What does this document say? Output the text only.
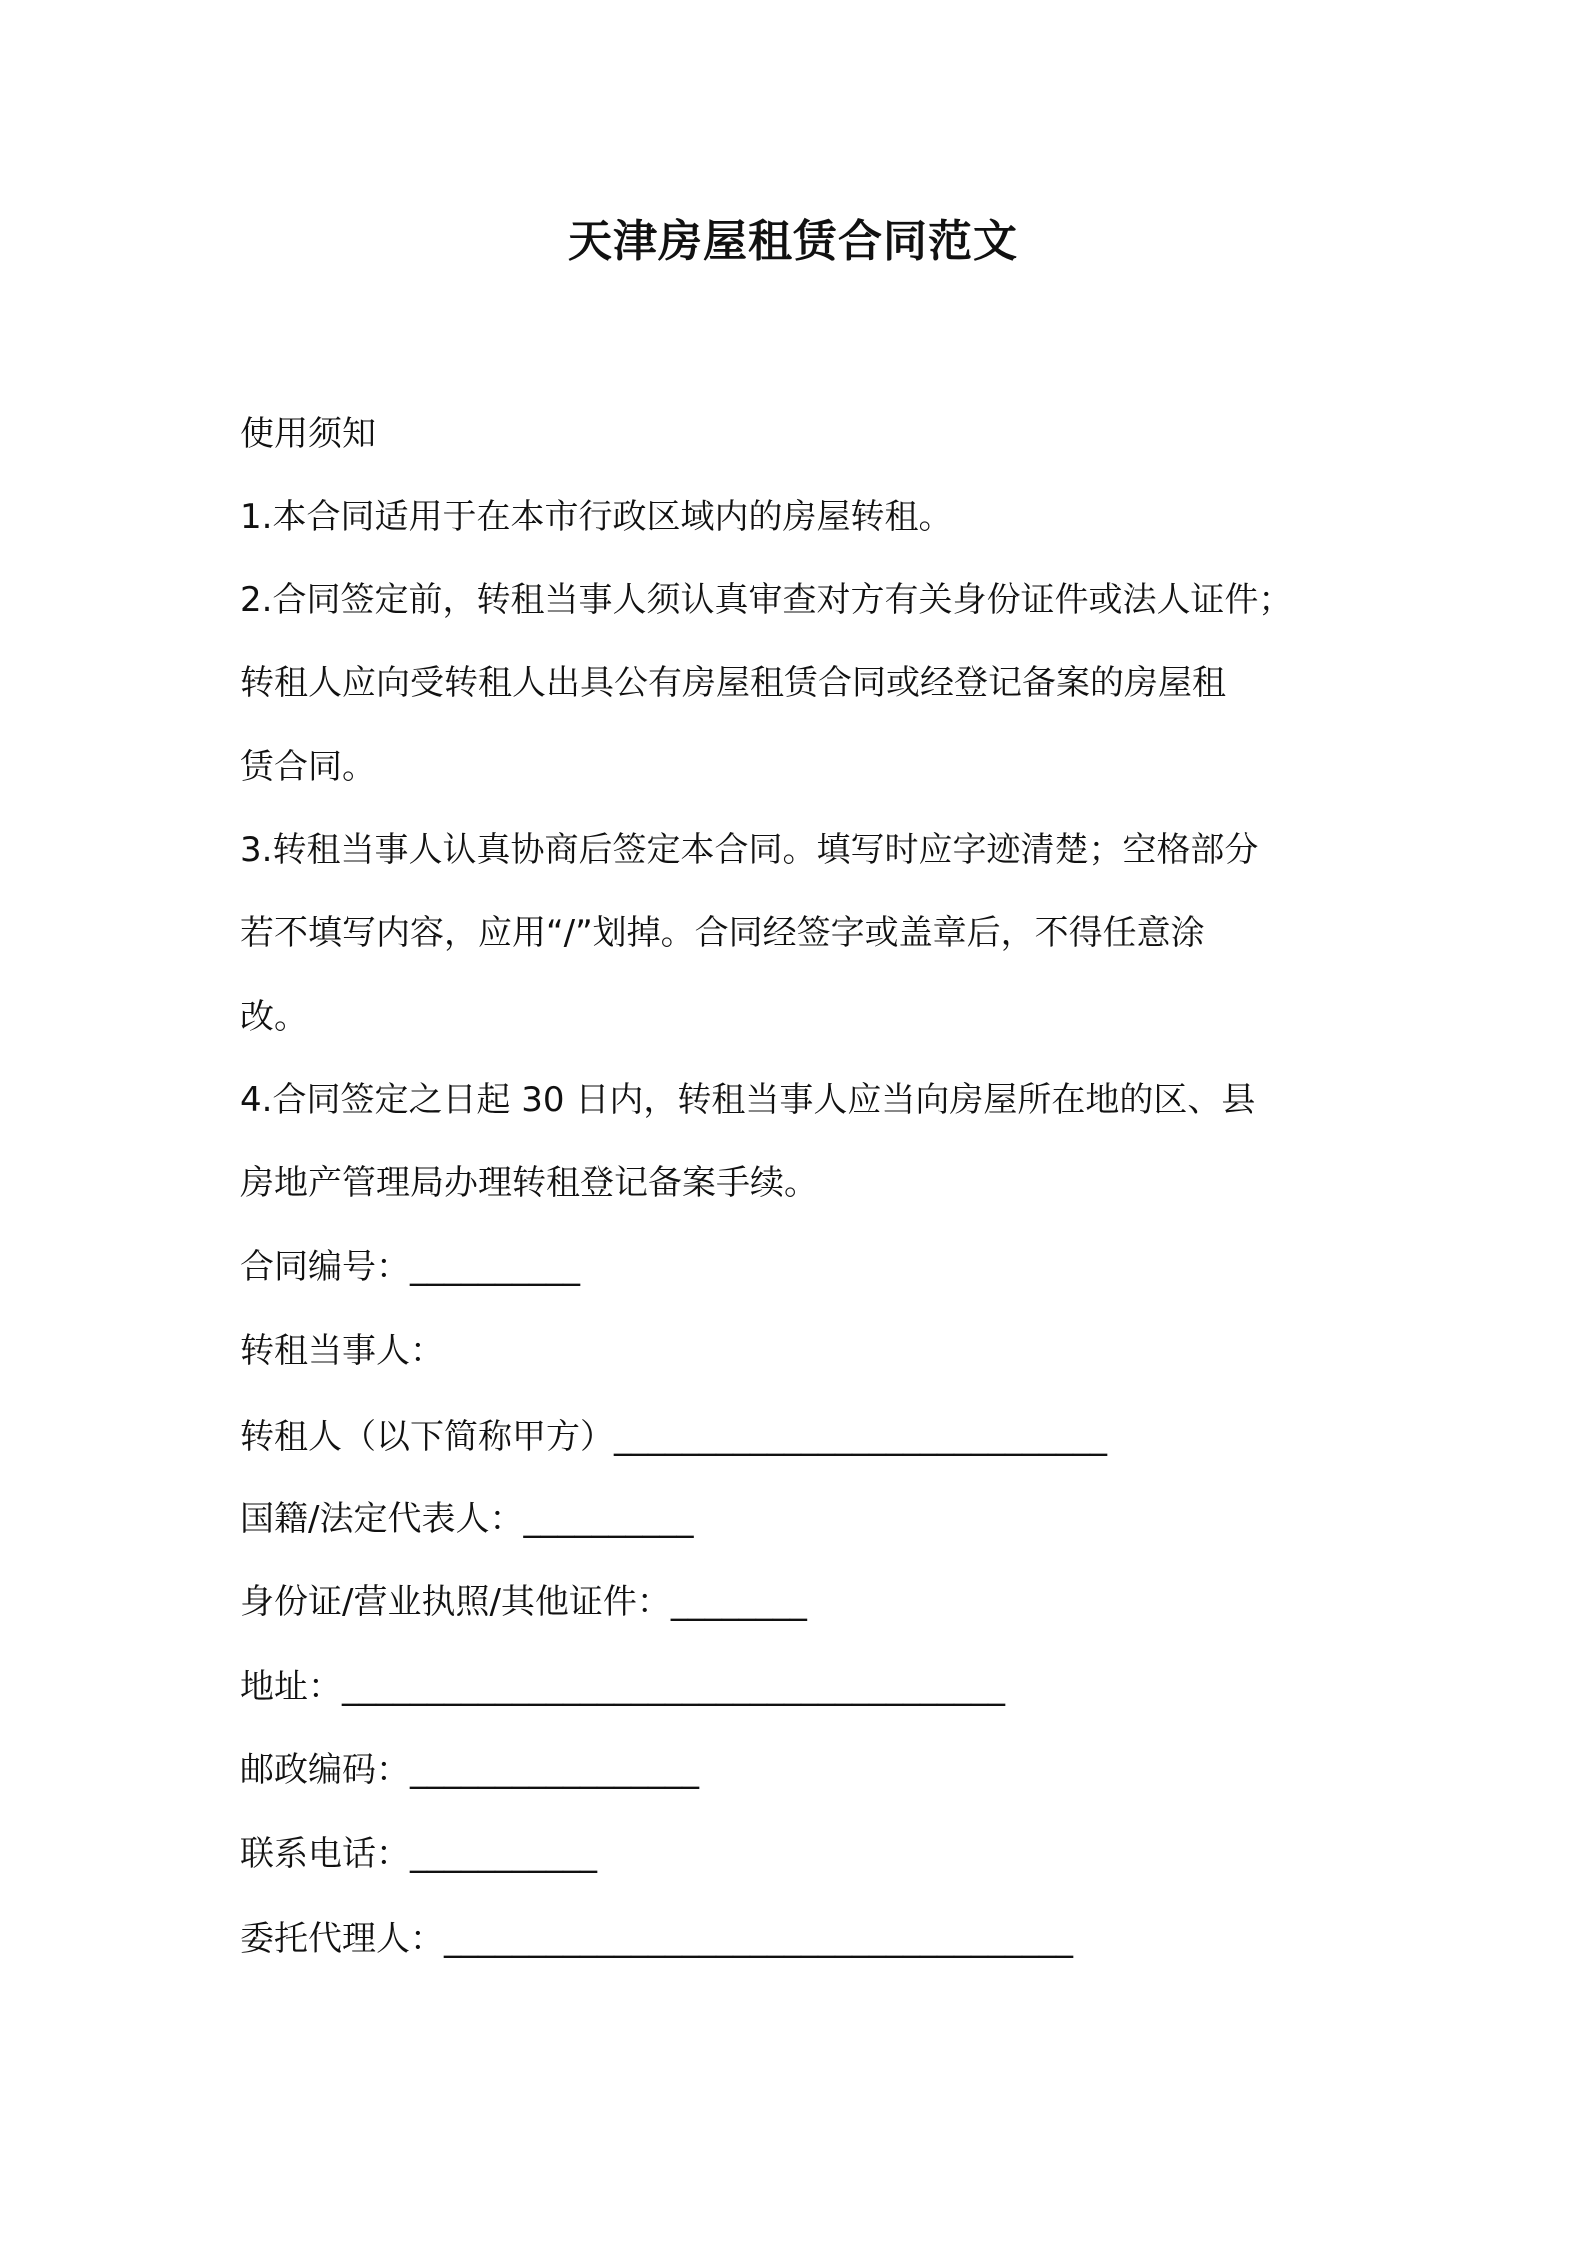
天津房屋租赁合同范文
使用须知
1.本合同适用于在本市行政区域内的房屋转租。
2.合同签定前，转租当事人须认真审查对方有关身份证件或法人证件；
转租人应向受转租人出具公有房屋租赁合同或经登记备案的房屋租
赁合同。
3.转租当事人认真协商后签定本合同。填写时应字迹清楚；空格部分
若不填写内容，应用“/”划掉。合同经签字或盖章后，不得任意涂
改。
4.合同签定之日起 30 日内，转租当事人应当向房屋所在地的区、县
房地产管理局办理转租登记备案手续。
合同编号：__________
转租当事人：
转租人（以下简称甲方）_____________________________
国籍/法定代表人：__________
身份证/营业执照/其他证件：________
地址：_______________________________________
邮政编码：_________________
联系电话：___________
委托代理人：_____________________________________
